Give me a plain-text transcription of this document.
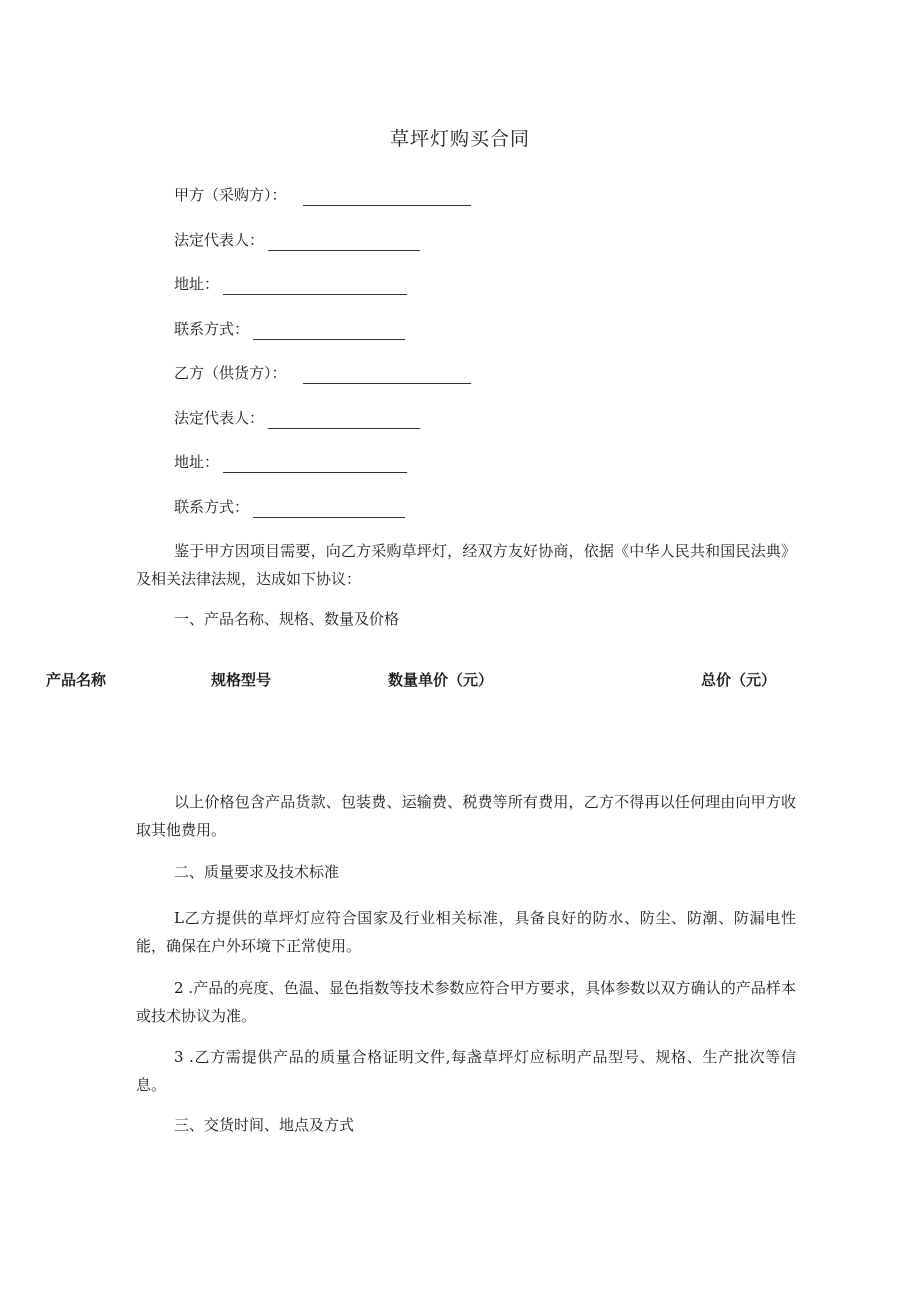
草坪灯购买合同
甲方（采购方）：
法定代表人：
地址：
联系方式：
乙方（供货方）：
法定代表人：
地址：
联系方式：
鉴于甲方因项目需要，向乙方采购草坪灯，经双方友好协商，依据《中华人民共和国民法典》及相关法律法规，达成如下协议：
一、产品名称、规格、数量及价格
产品名称	规格型号	数量单价（元）	总价（元）
以上价格包含产品货款、包装费、运输费、税费等所有费用，乙方不得再以任何理由向甲方收取其他费用。
二、质量要求及技术标准
L乙方提供的草坪灯应符合国家及行业相关标准，具备良好的防水、防尘、防潮、防漏电性能，确保在户外环境下正常使用。
2 .产品的亮度、色温、显色指数等技术参数应符合甲方要求，具体参数以双方确认的产品样本或技术协议为准。
3 .乙方需提供产品的质量合格证明文件,每盏草坪灯应标明产品型号、规格、生产批次等信息。
三、交货时间、地点及方式
